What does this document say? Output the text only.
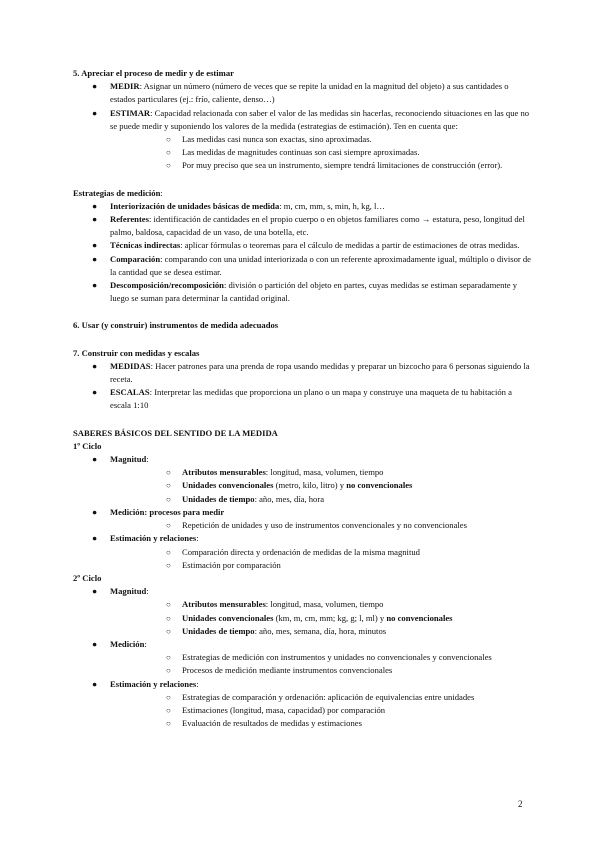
5. Apreciar el proceso de medir y de estimar

● MEDIR: Asignar un número (número de veces que se repite la unidad en la magnitud del objeto) a sus cantidades o estados particulares (ej.: frío, caliente, denso…)
● ESTIMAR: Capacidad relacionada con saber el valor de las medidas sin hacerlas, reconociendo situaciones en las que no se puede medir y suponiendo los valores de la medida (estrategias de estimación). Ten en cuenta que:
○ Las medidas casi nunca son exactas, sino aproximadas.
○ Las medidas de magnitudes continuas son casi siempre aproximadas.
○ Por muy preciso que sea un instrumento, siempre tendrá limitaciones de construcción (error).

Estrategias de medición:

● Interiorización de unidades básicas de medida: m, cm, mm, s, min, h, kg, l…
● Referentes: identificación de cantidades en el propio cuerpo o en objetos familiares como → estatura, peso, longitud del palmo, baldosa, capacidad de un vaso, de una botella, etc.
● Técnicas indirectas: aplicar fórmulas o teoremas para el cálculo de medidas a partir de estimaciones de otras medidas.
● Comparación: comparando con una unidad interiorizada o con un referente aproximadamente igual, múltiplo o divisor de la cantidad que se desea estimar.
● Descomposición/recomposición: división o partición del objeto en partes, cuyas medidas se estiman separadamente y luego se suman para determinar la cantidad original.

6. Usar (y construir) instrumentos de medida adecuados

7. Construir con medidas y escalas

● MEDIDAS: Hacer patrones para una prenda de ropa usando medidas y preparar un bizcocho para 6 personas siguiendo la receta.
● ESCALAS: Interpretar las medidas que proporciona un plano o un mapa y construye una maqueta de tu habitación a escala 1:10

SABERES BÁSICOS DEL SENTIDO DE LA MEDIDA

1º Ciclo

● Magnitud:
○ Atributos mensurables: longitud, masa, volumen, tiempo
○ Unidades convencionales (metro, kilo, litro) y no convencionales
○ Unidades de tiempo: año, mes, día, hora
● Medición: procesos para medir
○ Repetición de unidades y uso de instrumentos convencionales y no convencionales
● Estimación y relaciones:
○ Comparación directa y ordenación de medidas de la misma magnitud
○ Estimación por comparación

2º Ciclo

● Magnitud:
○ Atributos mensurables: longitud, masa, volumen, tiempo
○ Unidades convencionales (km, m, cm, mm; kg, g; l, ml) y no convencionales
○ Unidades de tiempo: año, mes, semana, día, hora, minutos
● Medición:
○ Estrategias de medición con instrumentos y unidades no convencionales y convencionales
○ Procesos de medición mediante instrumentos convencionales
● Estimación y relaciones:
○ Estrategias de comparación y ordenación: aplicación de equivalencias entre unidades
○ Estimaciones (longitud, masa, capacidad) por comparación
○ Evaluación de resultados de medidas y estimaciones
2
